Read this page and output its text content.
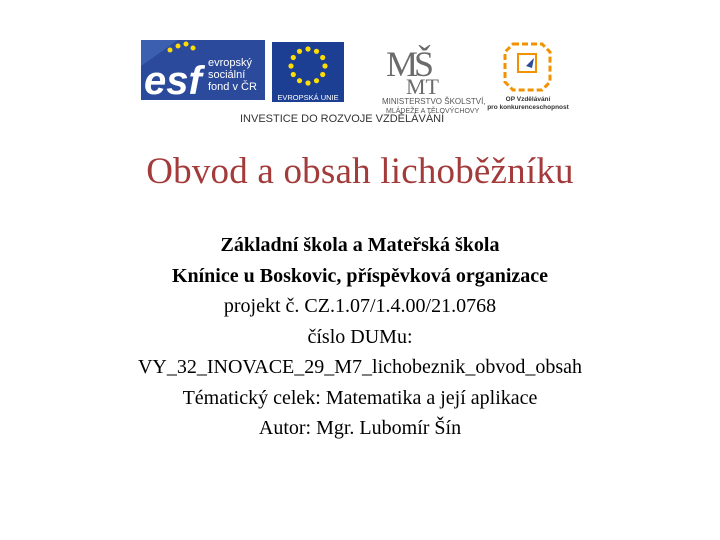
esf evropský
sociální
fond v ČR
EVROPSKÁ UNIE
MŠ
MT
MINISTERSTVO ŠKOLSTVÍ,
MLÁDEŽE A TĚLOVÝCHOVY
OP Vzdělávání
pro konkurenceschopnost
INVESTICE DO ROZVOJE VZDĚLÁVÁNÍ
Obvod a obsah lichoběžníku
Základní škola a Mateřská škola
Knínice u Boskovic, příspěvková organizace
projekt č. CZ.1.07/1.4.00/21.0768
číslo DUMu:
VY_32_INOVACE_29_M7_lichobeznik_obvod_obsah
Tématický celek: Matematika a její aplikace
Autor: Mgr. Lubomír Šín
